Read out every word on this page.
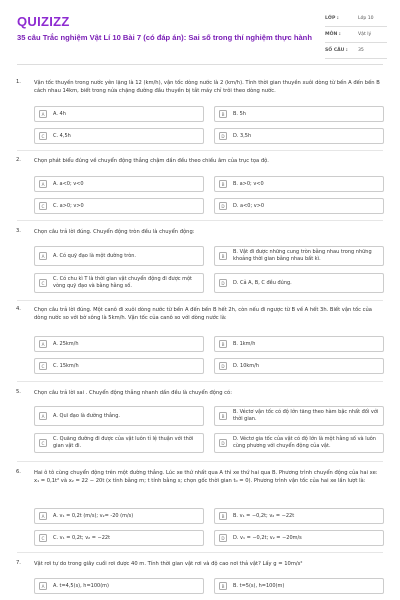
QUIZIZZ
35 câu Trắc nghiệm Vật Lí 10 Bài 7 (có đáp án): Sai số trong thí nghiệm thực hành
LỚP :	Lớp 10
MÔN :	Vật lý
SỐ CÂU :	35
1.	Vận tốc thuyền trong nước yên lặng là 12 (km/h), vận tốc dòng nước là 2 (km/h). Tính thời gian thuyền xuôi dòng từ bến A đến bến B cách nhau 14km, biết trong nửa chặng đường đầu thuyền bị tắt máy chỉ trôi theo dòng nước.
A	A. 4h	B	B. 5h
C	C. 4,5h	D	D. 3,5h
2.	Chọn phát biểu đúng về chuyển động thẳng chậm dần đều theo chiều âm của trục tọa độ.
A	A. a<0; v<0	B	B. a>0; v<0
C	C. a>0; v>0	D	D. a<0; v>0
3.	Chọn câu trả lời đúng. Chuyển động tròn đều là chuyển động:
A	A. Có quỹ đạo là một đường tròn.	B
B. Vật đi được những cung tròn bằng nhau trong những khoảng thời gian bằng nhau bất kì.
C
C. Có chu kì T là thời gian vật chuyển động đi được một vòng quỹ đạo và bằng hằng số.	D	D. Cả A, B, C đều đúng.
4.	Chọn câu trả lời đúng. Một canô đi xuôi dòng nước từ bến A đến bến B hết 2h, còn nếu đi ngược từ B về A hết 3h. Biết vận tốc của dòng nước so với bờ sông là 5km/h. Vận tốc của canô so với dòng nước là:
A	A. 25km/h	B	B. 1km/h
C	C. 15km/h	D	D. 10km/h
5.	Chọn câu trả lời sai . Chuyển động thẳng nhanh dần đều là chuyển động có:
A	A. Quĩ đạo là đường thẳng.	B
B. Véctơ vận tốc có độ lớn tăng theo hàm bậc nhất đối với thời gian.
C
C. Quãng đường đi được của vật luôn tỉ lệ thuận với thời gian vật đi.	D
D. Véctơ gia tốc của vật có độ lớn là một hằng số và luôn cùng phương với chuyển động của vật.
6.	Hai ô tô cùng chuyển động trên một đường thẳng. Lúc xe thứ nhất qua A thì xe thứ hai qua B. Phương trình chuyển động của hai xe: x₁ = 0,1t² và x₂ = 22 − 20t (x tính bằng m; t tính bằng s; chọn gốc thời gian t₀ = 0). Phương trình vận tốc của hai xe lần lượt là:
A	A. v₁ = 0,2t (m/s); v₂= -20 (m/s)	B	B. v₁ = −0,2t; v₂ = −22t
C	C. v₁ = 0,2t; v₂ = −22t	D	D. v₁ = −0,2t; v₂ = −20m/s
7.	Vật rơi tự do trong giây cuối rơi được 40 m. Tính thời gian vật rơi và độ cao nơi thả vật? Lấy g = 10m/s²
A	A. t=4,5(s), h=100(m)	B	B. t=5(s), h=100(m)
